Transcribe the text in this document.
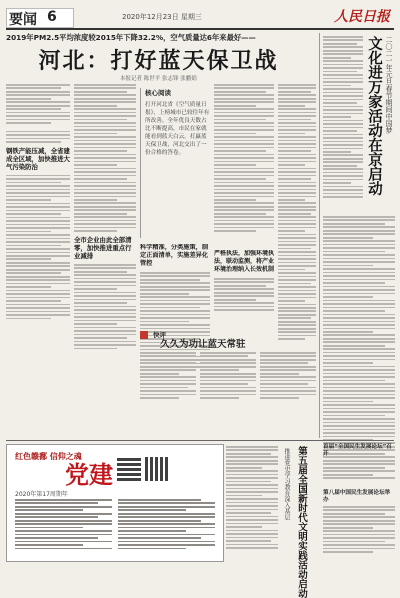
要闻 6	2020年12月23日 星期三	人民日报
2019年PM2.5平均浓度较2015年下降32.2%，空气质量达6年来最好——
河北：打好蓝天保卫战
本报记者 陈世平 张志锋 张鹏娟
钢铁产能压减，全省建成全区域，加快推进大气污染防治
全市企业由此全部清零，加快推进重点行业减排
核心阅读
打开河北省《空气质量日报》，上榜城市已较往年有所改善。全年优良天数占比不断提高，市民在家就能看到蓝天白云。打赢蓝天保卫战，河北交出了一份合格的答卷。
科学精准，分类施策，制定正面清单，实施差异化管控
严格执法，加强环境执法，联动监测，将产业环境治理纳入长效机制
快评
久久为功让蓝天常驻
二〇二一年元旦春节期间中国梦
文化进万家活动在京启动
红色赣鄱 信仰之魂
党建
2020年第17周期年	第五届全国新时代文明实践活动启动
推进党史学习教育深入基层
首届“全国民生发展论坛”召开
第八届中国民生发展论坛举办
